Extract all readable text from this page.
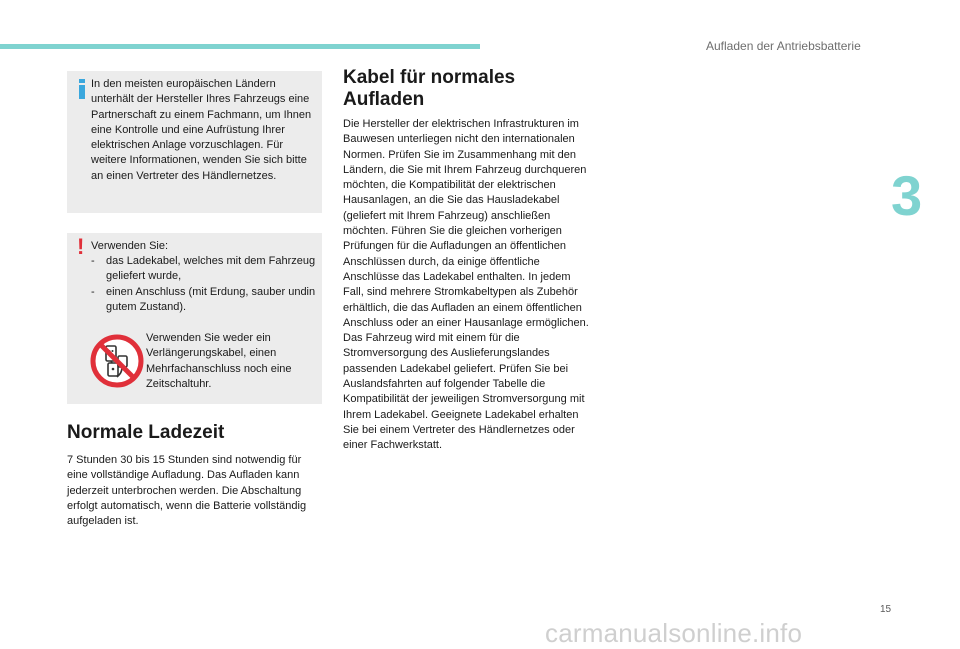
Aufladen der Antriebsbatterie
3
In den meisten europäischen Ländern unterhält der Hersteller Ihres Fahrzeugs eine Partnerschaft zu einem Fachmann, um Ihnen eine Kontrolle und eine Aufrüstung Ihrer elektrischen Anlage vorzuschlagen. Für weitere Informationen, wenden Sie sich bitte an einen Vertreter des Händlernetzes.
! Verwenden Sie:
- das Ladekabel, welches mit dem Fahrzeug geliefert wurde,
- einen Anschluss (mit Erdung, sauber undin gutem Zustand).
Verwenden Sie weder ein Verlängerungskabel, einen Mehrfachanschluss noch eine Zeitschaltuhr.
Normale Ladezeit
7 Stunden 30 bis 15 Stunden sind notwendig für eine vollständige Aufladung. Das Aufladen kann jederzeit unterbrochen werden. Die Abschaltung erfolgt automatisch, wenn die Batterie vollständig aufgeladen ist.
Kabel für normales Aufladen
Die Hersteller der elektrischen Infrastrukturen im Bauwesen unterliegen nicht den internationalen Normen. Prüfen Sie im Zusammenhang mit den Ländern, die Sie mit Ihrem Fahrzeug durchqueren möchten, die Kompatibilität der elektrischen Hausanlagen, an die Sie das Hausladekabel (geliefert mit Ihrem Fahrzeug) anschließen möchten. Führen Sie die gleichen vorherigen Prüfungen für die Aufladungen an öffentlichen Anschlüssen durch, da einige öffentliche Anschlüsse das Ladekabel enthalten. In jedem Fall, sind mehrere Stromkabeltypen als Zubehör erhältlich, die das Aufladen an einem öffentlichen Anschluss oder an einer Hausanlage ermöglichen. Das Fahrzeug wird mit einem für die Stromversorgung des Auslieferungslandes passenden Ladekabel geliefert. Prüfen Sie bei Auslandsfahrten auf folgender Tabelle die Kompatibilität der jeweiligen Stromversorgung mit Ihrem Ladekabel. Geeignete Ladekabel erhalten Sie bei einem Vertreter des Händlernetzes oder einer Fachwerkstatt.
15
carmanualsonline.info
